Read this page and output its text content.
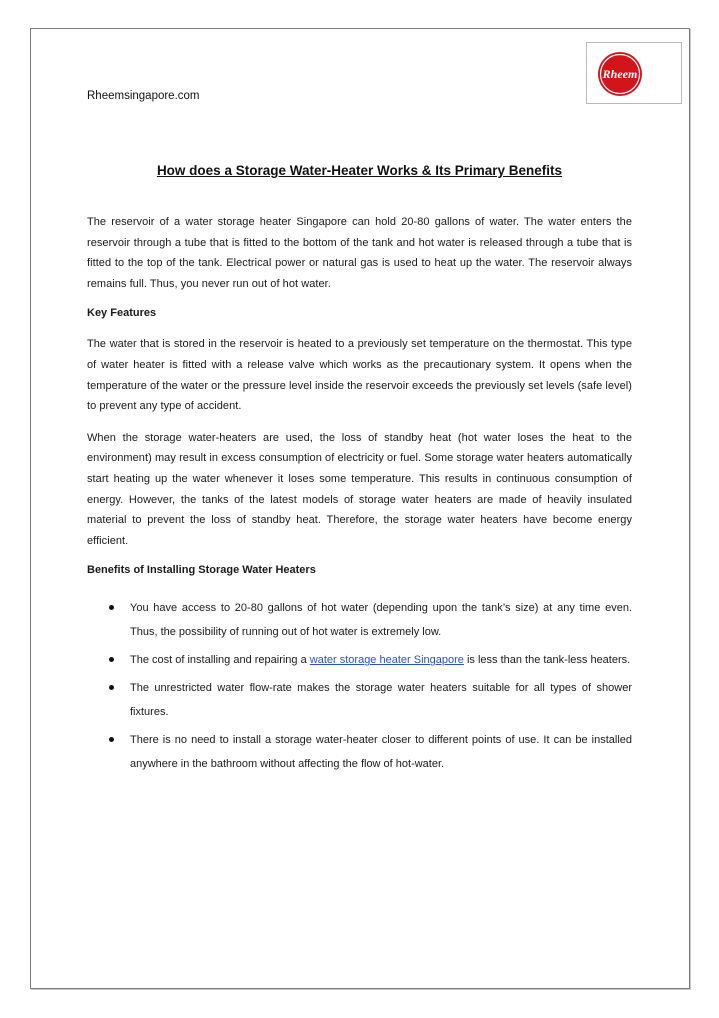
Rheemsingapore.com
Rheem
How does a Storage Water-Heater Works & Its Primary Benefits

The reservoir of a water storage heater Singapore can hold 20-80 gallons of water. The water enters the reservoir through a tube that is fitted to the bottom of the tank and hot water is released through a tube that is fitted to the top of the tank. Electrical power or natural gas is used to heat up the water. The reservoir always remains full. Thus, you never run out of hot water.

Key Features

The water that is stored in the reservoir is heated to a previously set temperature on the thermostat. This type of water heater is fitted with a release valve which works as the precautionary system. It opens when the temperature of the water or the pressure level inside the reservoir exceeds the previously set levels (safe level) to prevent any type of accident.

When the storage water-heaters are used, the loss of standby heat (hot water loses the heat to the environment) may result in excess consumption of electricity or fuel. Some storage water heaters automatically start heating up the water whenever it loses some temperature. This results in continuous consumption of energy. However, the tanks of the latest models of storage water heaters are made of heavily insulated material to prevent the loss of standby heat. Therefore, the storage water heaters have become energy efficient.

Benefits of Installing Storage Water Heaters
You have access to 20-80 gallons of hot water (depending upon the tank’s size) at any time even. Thus, the possibility of running out of hot water is extremely low.
The cost of installing and repairing a water storage heater Singapore is less than the tank-less heaters.
The unrestricted water flow-rate makes the storage water heaters suitable for all types of shower fixtures.
There is no need to install a storage water-heater closer to different points of use. It can be installed anywhere in the bathroom without affecting the flow of hot-water.
